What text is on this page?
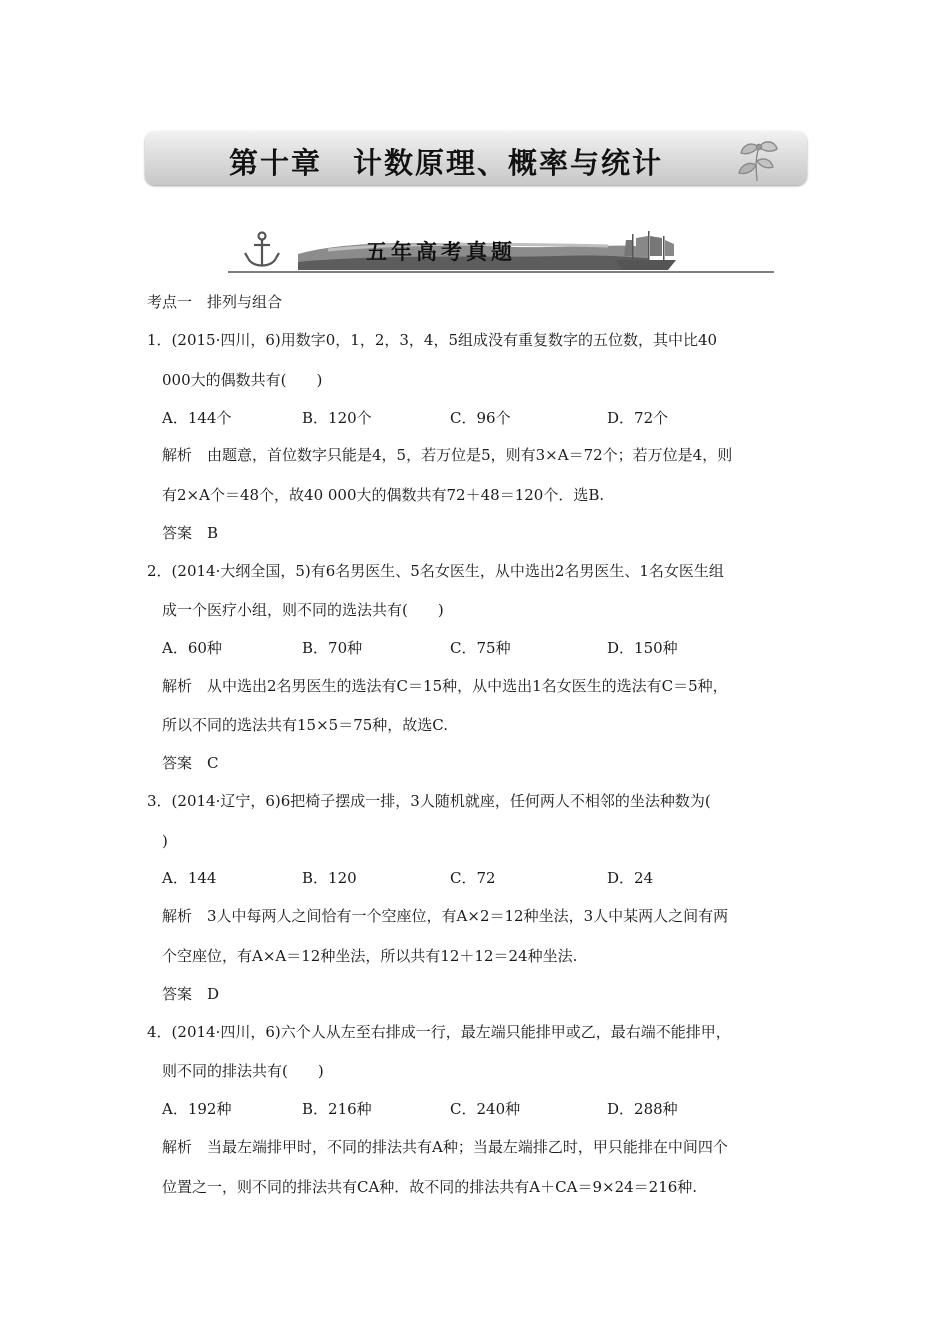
第十章　计数原理、概率与统计
五年高考真题
考点一　排列与组合
1．(2015·四川，6)用数字0，1，2，3，4，5组成没有重复数字的五位数，其中比40
000大的偶数共有(　　)
A．144个	B．120个	C．96个	D．72个
解析　由题意，首位数字只能是4，5，若万位是5，则有3×A＝72个；若万位是4，则
有2×A个＝48个，故40 000大的偶数共有72＋48＝120个．选B.
答案　B
2．(2014·大纲全国，5)有6名男医生、5名女医生，从中选出2名男医生、1名女医生组
成一个医疗小组，则不同的选法共有(　　)
A．60种	B．70种	C．75种	D．150种
解析　从中选出2名男医生的选法有C＝15种，从中选出1名女医生的选法有C＝5种，
所以不同的选法共有15×5＝75种，故选C.
答案　C
3．(2014·辽宁，6)6把椅子摆成一排，3人随机就座，任何两人不相邻的坐法种数为(
)
A．144	B．120	C．72	D．24
解析　3人中每两人之间恰有一个空座位，有A×2＝12种坐法，3人中某两人之间有两
个空座位，有A×A＝12种坐法，所以共有12＋12＝24种坐法.
答案　D
4．(2014·四川，6)六个人从左至右排成一行，最左端只能排甲或乙，最右端不能排甲，
则不同的排法共有(　　)
A．192种	B．216种	C．240种	D．288种
解析　当最左端排甲时，不同的排法共有A种；当最左端排乙时，甲只能排在中间四个
位置之一，则不同的排法共有CA种．故不同的排法共有A＋CA＝9×24＝216种.
